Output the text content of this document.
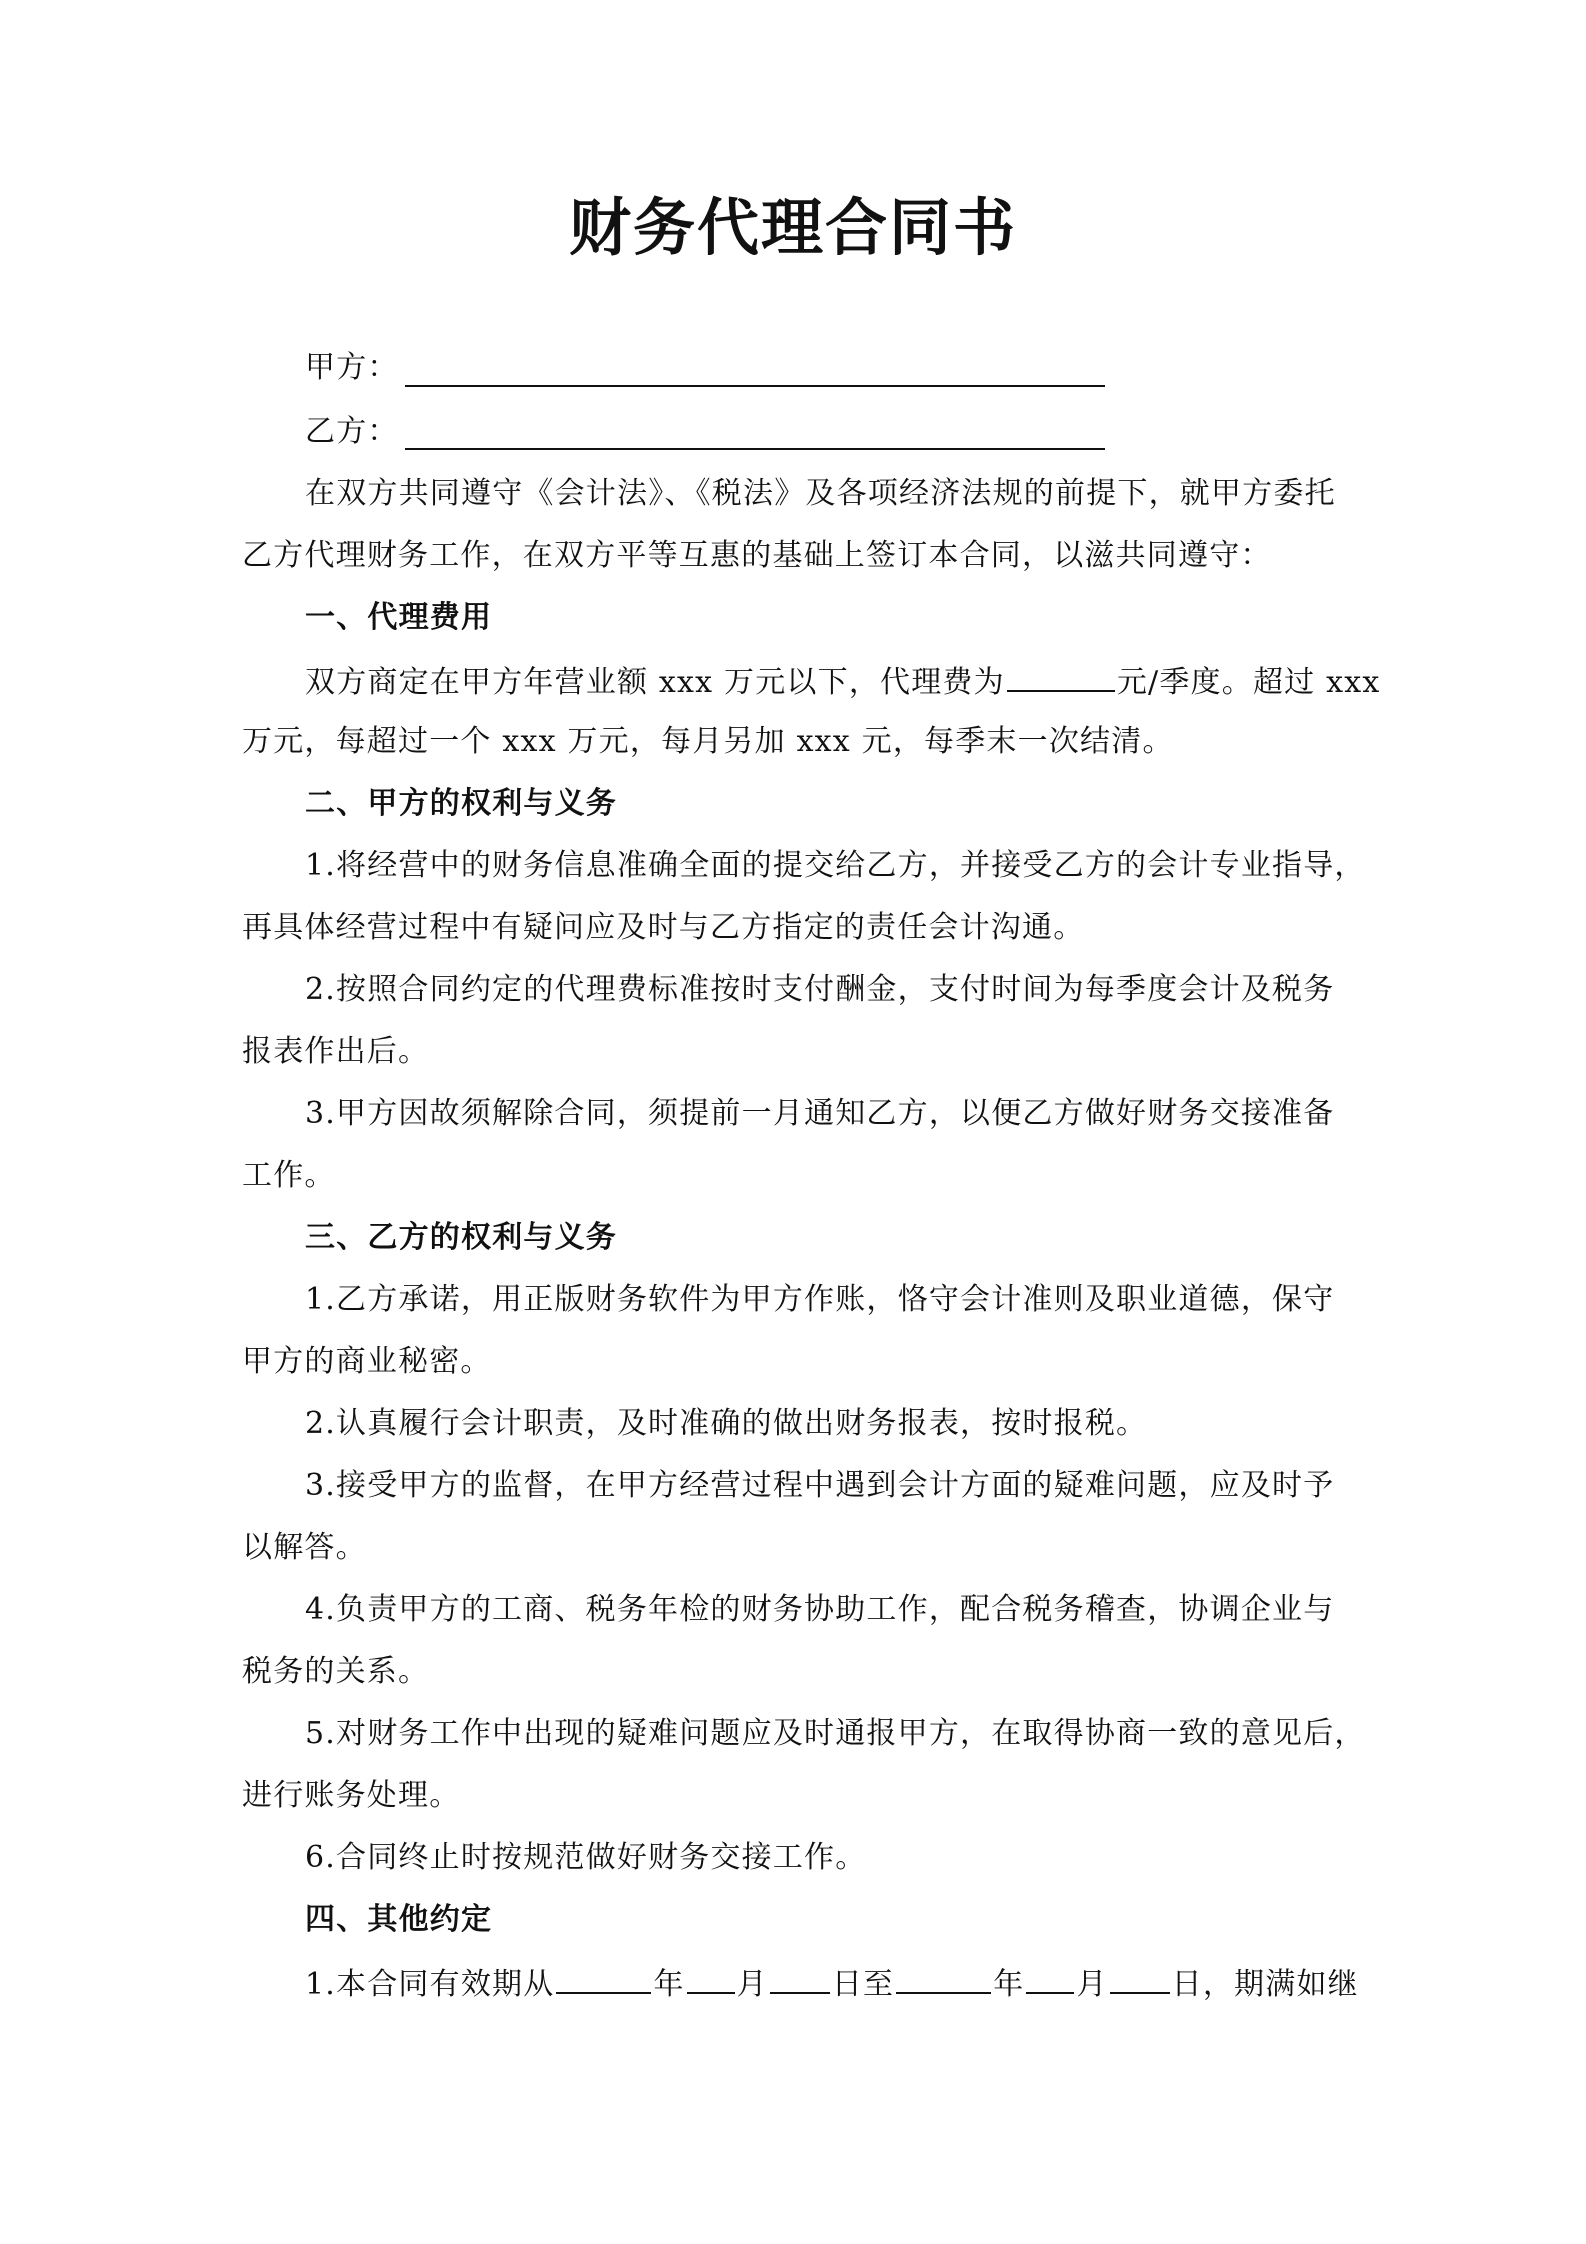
财务代理合同书
甲方：
乙方：
在双方共同遵守《会计法》、《税法》及各项经济法规的前提下，就甲方委托
乙方代理财务工作，在双方平等互惠的基础上签订本合同，以滋共同遵守：
一、代理费用
双方商定在甲方年营业额 xxx 万元以下，代理费为	元/季度。超过 xxx
万元，每超过一个 xxx 万元，每月另加 xxx 元，每季末一次结清。
二、甲方的权利与义务
1.将经营中的财务信息准确全面的提交给乙方，并接受乙方的会计专业指导，
再具体经营过程中有疑问应及时与乙方指定的责任会计沟通。
2.按照合同约定的代理费标准按时支付酬金，支付时间为每季度会计及税务
报表作出后。
3.甲方因故须解除合同，须提前一月通知乙方，以便乙方做好财务交接准备
工作。
三、乙方的权利与义务
1.乙方承诺，用正版财务软件为甲方作账，恪守会计准则及职业道德，保守
甲方的商业秘密。
2.认真履行会计职责，及时准确的做出财务报表，按时报税。
3.接受甲方的监督，在甲方经营过程中遇到会计方面的疑难问题，应及时予
以解答。
4.负责甲方的工商、税务年检的财务协助工作，配合税务稽查，协调企业与
税务的关系。
5.对财务工作中出现的疑难问题应及时通报甲方，在取得协商一致的意见后，
进行账务处理。
6.合同终止时按规范做好财务交接工作。
四、其他约定
1.本合同有效期从	年 月 日至	年 月 日，期满如继
